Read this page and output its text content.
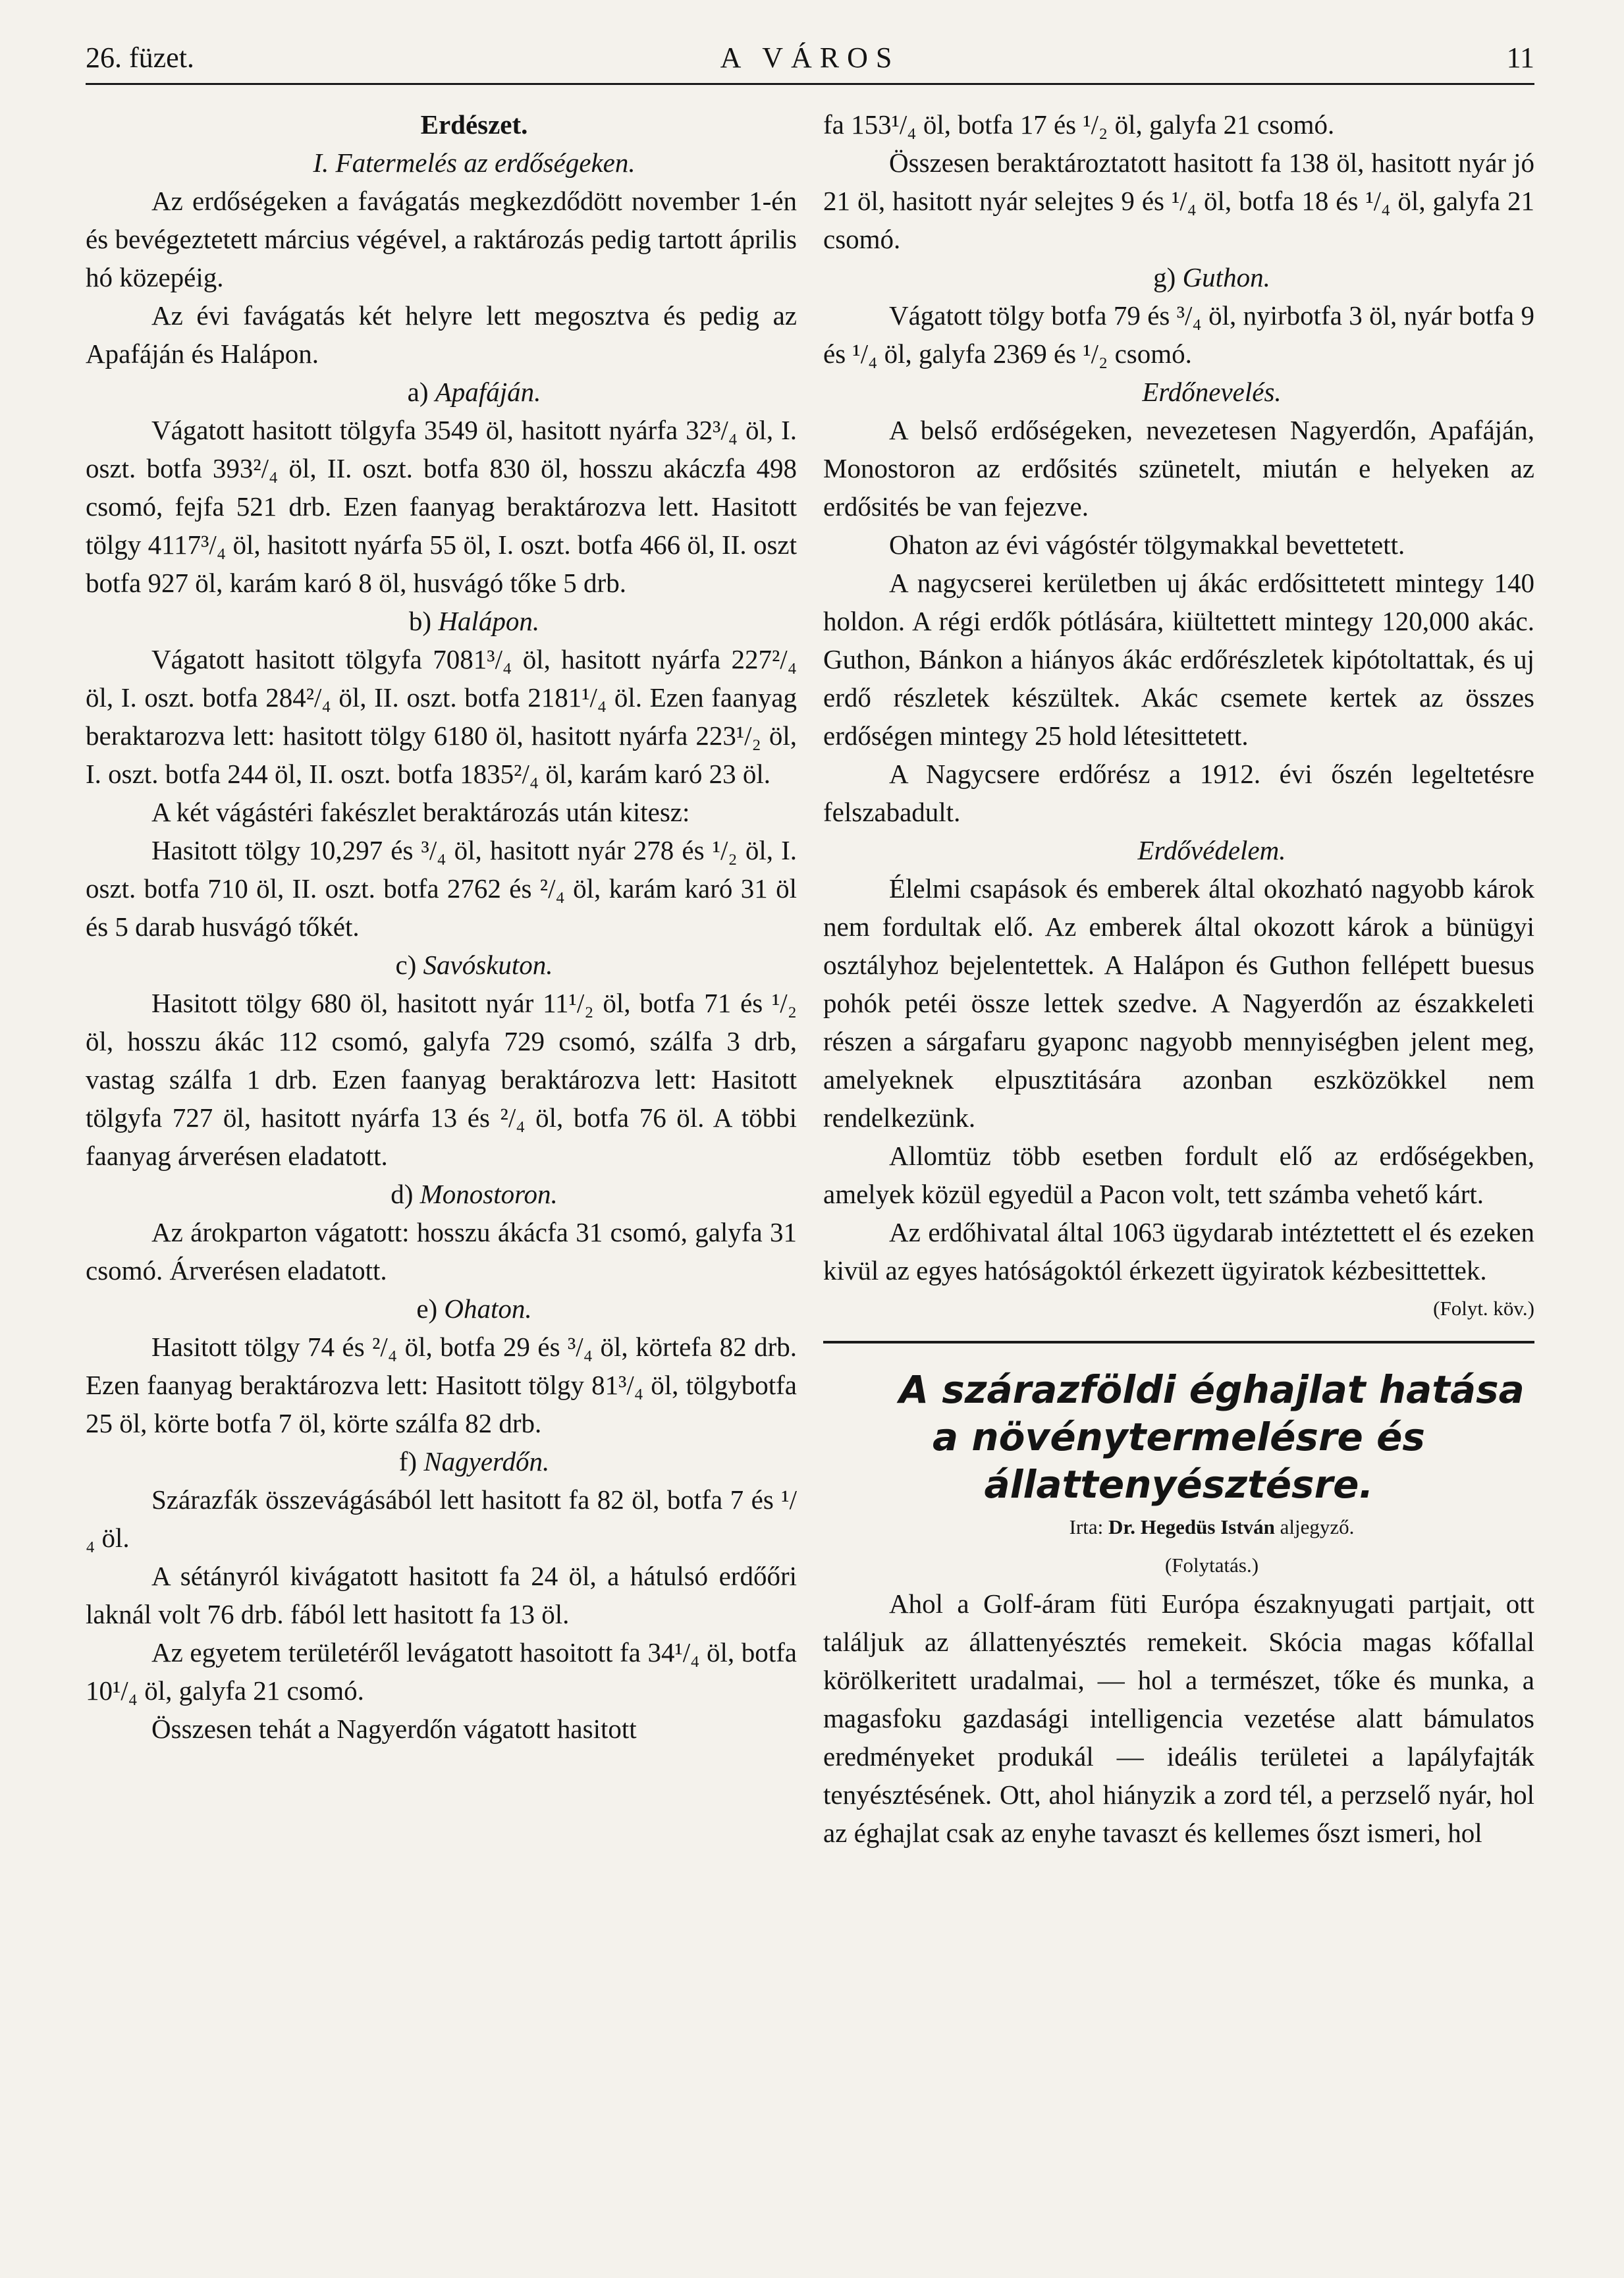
26. füzet.	A VÁROS	11

Erdészet.

I. Fatermelés az erdőségeken.

Az erdőségeken a favágatás megkezdődött november 1-én és bevégeztetett március végével, a raktározás pedig tartott április hó közepéig.

Az évi favágatás két helyre lett megosztva és pedig az Apafáján és Halápon.

a) Apafáján.

Vágatott hasitott tölgyfa 3549 öl, hasitott nyárfa 32³/₄ öl, I. oszt. botfa 393²/₄ öl, II. oszt. botfa 830 öl, hosszu akáczfa 498 csomó, fejfa 521 drb. Ezen faanyag beraktározva lett. Hasitott tölgy 4117³/₄ öl, hasitott nyárfa 55 öl, I. oszt. botfa 466 öl, II. oszt botfa 927 öl, karám karó 8 öl, husvágó tőke 5 drb.

b) Halápon.

Vágatott hasitott tölgyfa 7081³/₄ öl, hasitott nyárfa 227²/₄ öl, I. oszt. botfa 284²/₄ öl, II. oszt. botfa 2181¹/₄ öl. Ezen faanyag beraktarozva lett: hasitott tölgy 6180 öl, hasitott nyárfa 223¹/₂ öl, I. oszt. botfa 244 öl, II. oszt. botfa 1835²/₄ öl, karám karó 23 öl.

A két vágástéri fakészlet beraktározás után kitesz:

Hasitott tölgy 10,297 és ³/₄ öl, hasitott nyár 278 és ¹/₂ öl, I. oszt. botfa 710 öl, II. oszt. botfa 2762 és ²/₄ öl, karám karó 31 öl és 5 darab husvágó tőkét.

c) Savóskuton.

Hasitott tölgy 680 öl, hasitott nyár 11¹/₂ öl, botfa 71 és ¹/₂ öl, hosszu ákác 112 csomó, galyfa 729 csomó, szálfa 3 drb, vastag szálfa 1 drb. Ezen faanyag beraktározva lett: Hasitott tölgyfa 727 öl, hasitott nyárfa 13 és ²/₄ öl, botfa 76 öl. A többi faanyag árverésen eladatott.

d) Monostoron.

Az árokparton vágatott: hosszu ákácfa 31 csomó, galyfa 31 csomó. Árverésen eladatott.

e) Ohaton.

Hasitott tölgy 74 és ²/₄ öl, botfa 29 és ³/₄ öl, körtefa 82 drb. Ezen faanyag beraktározva lett: Hasitott tölgy 81³/₄ öl, tölgybotfa 25 öl, körte botfa 7 öl, körte szálfa 82 drb.

f) Nagyerdőn.

Szárazfák összevágásából lett hasitott fa 82 öl, botfa 7 és ¹/₄ öl.

A sétányról kivágatott hasitott fa 24 öl, a hátulsó erdőőri laknál volt 76 drb. fából lett hasitott fa 13 öl.

Az egyetem területéről levágatott hasoitott fa 34¹/₄ öl, botfa 10¹/₄ öl, galyfa 21 csomó.

Összesen tehát a Nagyerdőn vágatott hasitott

fa 153¹/₄ öl, botfa 17 és ¹/₂ öl, galyfa 21 csomó.

Összesen beraktároztatott hasitott fa 138 öl, hasitott nyár jó 21 öl, hasitott nyár selejtes 9 és ¹/₄ öl, botfa 18 és ¹/₄ öl, galyfa 21 csomó.

g) Guthon.

Vágatott tölgy botfa 79 és ³/₄ öl, nyirbotfa 3 öl, nyár botfa 9 és ¹/₄ öl, galyfa 2369 és ¹/₂ csomó.

Erdőnevelés.

A belső erdőségeken, nevezetesen Nagyerdőn, Apafáján, Monostoron az erdősités szünetelt, miután e helyeken az erdősités be van fejezve.

Ohaton az évi vágóstér tölgymakkal bevettetett.

A nagycserei kerületben uj ákác erdősittetett mintegy 140 holdon. A régi erdők pótlására, kiültettett mintegy 120,000 akác. Guthon, Bánkon a hiányos ákác erdőrészletek kipótoltattak, és uj erdő részletek készültek. Akác csemete kertek az összes erdőségen mintegy 25 hold létesittetett.

A Nagycsere erdőrész a 1912. évi őszén legeltetésre felszabadult.

Erdővédelem.

Élelmi csapások és emberek által okozható nagyobb károk nem fordultak elő. Az emberek által okozott károk a bünügyi osztályhoz bejelentettek. A Halápon és Guthon fellépett buesus pohók petéi össze lettek szedve. A Nagyerdőn az északkeleti részen a sárgafaru gyaponc nagyobb mennyiségben jelent meg, amelyeknek elpusztitására azonban eszközökkel nem rendelkezünk.

Allomtüz több esetben fordult elő az erdőségekben, amelyek közül egyedül a Pacon volt, tett számba vehető kárt.

Az erdőhivatal által 1063 ügydarab intéztettett el és ezeken kivül az egyes hatóságoktól érkezett ügyiratok kézbesittettek.

(Folyt. köv.)

A szárazföldi éghajlat hatása a növénytermelésre és állattenyésztésre.

Irta: Dr. Hegedüs István aljegyző.

(Folytatás.)

Ahol a Golf-áram füti Európa északnyugati partjait, ott találjuk az állattenyésztés remekeit. Skócia magas kőfallal körölkeritett uradalmai, — hol a természet, tőke és munka, a magasfoku gazdasági intelligencia vezetése alatt bámulatos eredményeket produkál — ideális területei a lapályfajták tenyésztésének. Ott, ahol hiányzik a zord tél, a perzselő nyár, hol az éghajlat csak az enyhe tavaszt és kellemes őszt ismeri, hol
